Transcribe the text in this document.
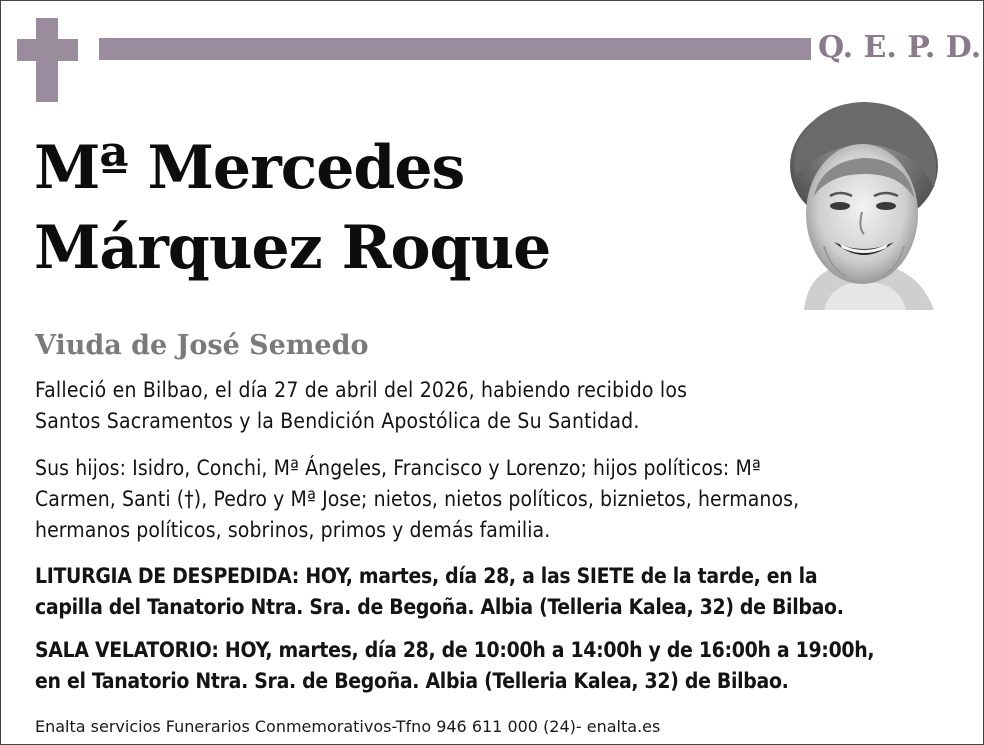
Q. E. P. D.
Mª Mercedes
Márquez Roque
Viuda de José Semedo
Falleció en Bilbao, el día 27 de abril del 2026, habiendo recibido los
Santos Sacramentos y la Bendición Apostólica de Su Santidad.
Sus hijos: Isidro, Conchi, Mª Ángeles, Francisco y Lorenzo; hijos políticos: Mª
Carmen, Santi (†), Pedro y Mª Jose; nietos, nietos políticos, biznietos, hermanos,
hermanos políticos, sobrinos, primos y demás familia.
LITURGIA DE DESPEDIDA: HOY, martes, día 28, a las SIETE de la tarde, en la
capilla del Tanatorio Ntra. Sra. de Begoña. Albia (Telleria Kalea, 32) de Bilbao.
SALA VELATORIO: HOY, martes, día 28, de 10:00h a 14:00h y de 16:00h a 19:00h,
en el Tanatorio Ntra. Sra. de Begoña. Albia (Telleria Kalea, 32) de Bilbao.
Enalta servicios Funerarios Conmemorativos-Tfno 946 611 000 (24)- enalta.es
